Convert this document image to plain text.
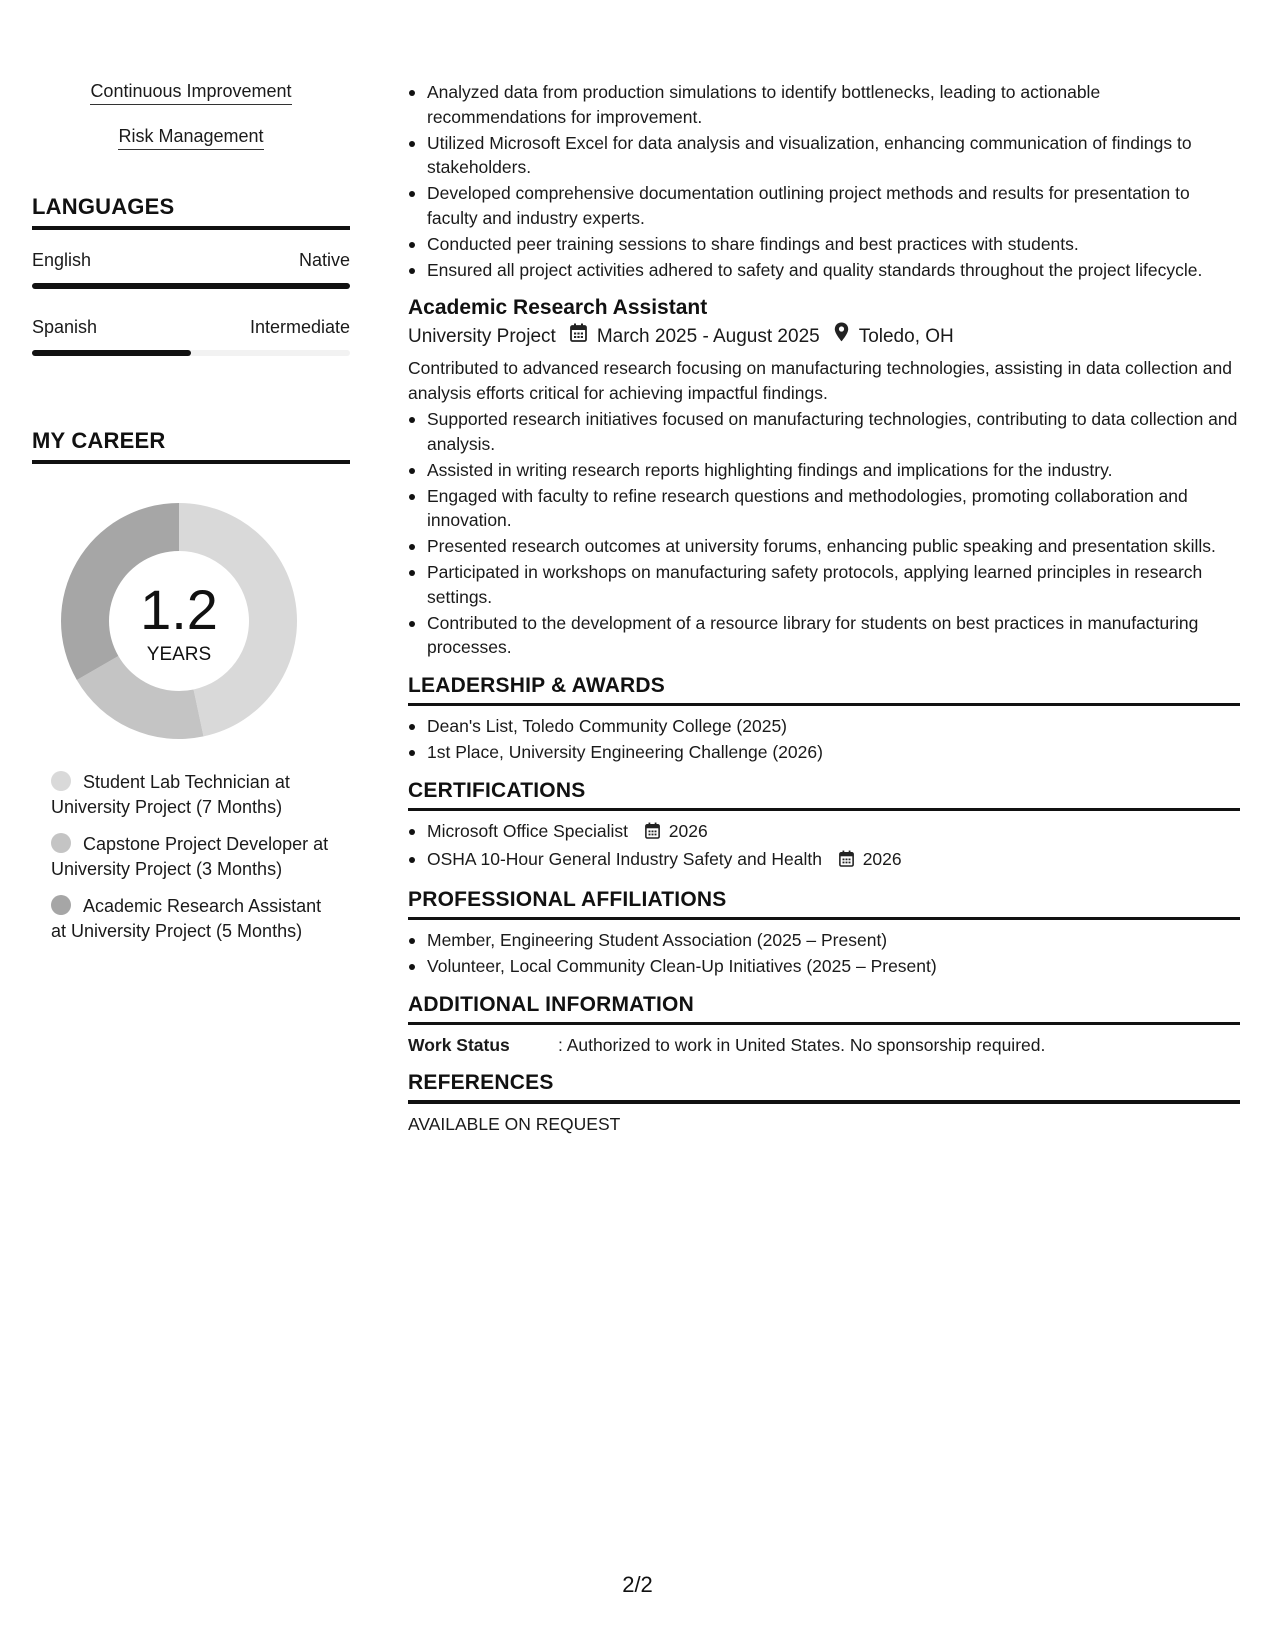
Continuous Improvement
Risk Management
LANGUAGES
English	Native
Spanish	Intermediate
MY CAREER
1.2
YEARS
Student Lab Technician at University Project (7 Months)
Capstone Project Developer at University Project (3 Months)
Academic Research Assistant at University Project (5 Months)
Analyzed data from production simulations to identify bottlenecks, leading to actionable recommendations for improvement.
Utilized Microsoft Excel for data analysis and visualization, enhancing communication of findings to stakeholders.
Developed comprehensive documentation outlining project methods and results for presentation to faculty and industry experts.
Conducted peer training sessions to share findings and best practices with students.
Ensured all project activities adhered to safety and quality standards throughout the project lifecycle.
Academic Research Assistant
University Project March 2025 - August 2025 Toledo, OH
Contributed to advanced research focusing on manufacturing technologies, assisting in data collection and analysis efforts critical for achieving impactful findings.
Supported research initiatives focused on manufacturing technologies, contributing to data collection and analysis.
Assisted in writing research reports highlighting findings and implications for the industry.
Engaged with faculty to refine research questions and methodologies, promoting collaboration and innovation.
Presented research outcomes at university forums, enhancing public speaking and presentation skills.
Participated in workshops on manufacturing safety protocols, applying learned principles in research settings.
Contributed to the development of a resource library for students on best practices in manufacturing processes.
LEADERSHIP & AWARDS
Dean's List, Toledo Community College (2025)
1st Place, University Engineering Challenge (2026)
CERTIFICATIONS
Microsoft Office Specialist 2026
OSHA 10-Hour General Industry Safety and Health 2026
PROFESSIONAL AFFILIATIONS
Member, Engineering Student Association (2025 – Present)
Volunteer, Local Community Clean-Up Initiatives (2025 – Present)
ADDITIONAL INFORMATION
Work Status	: Authorized to work in United States. No sponsorship required.
REFERENCES
AVAILABLE ON REQUEST
2/2
